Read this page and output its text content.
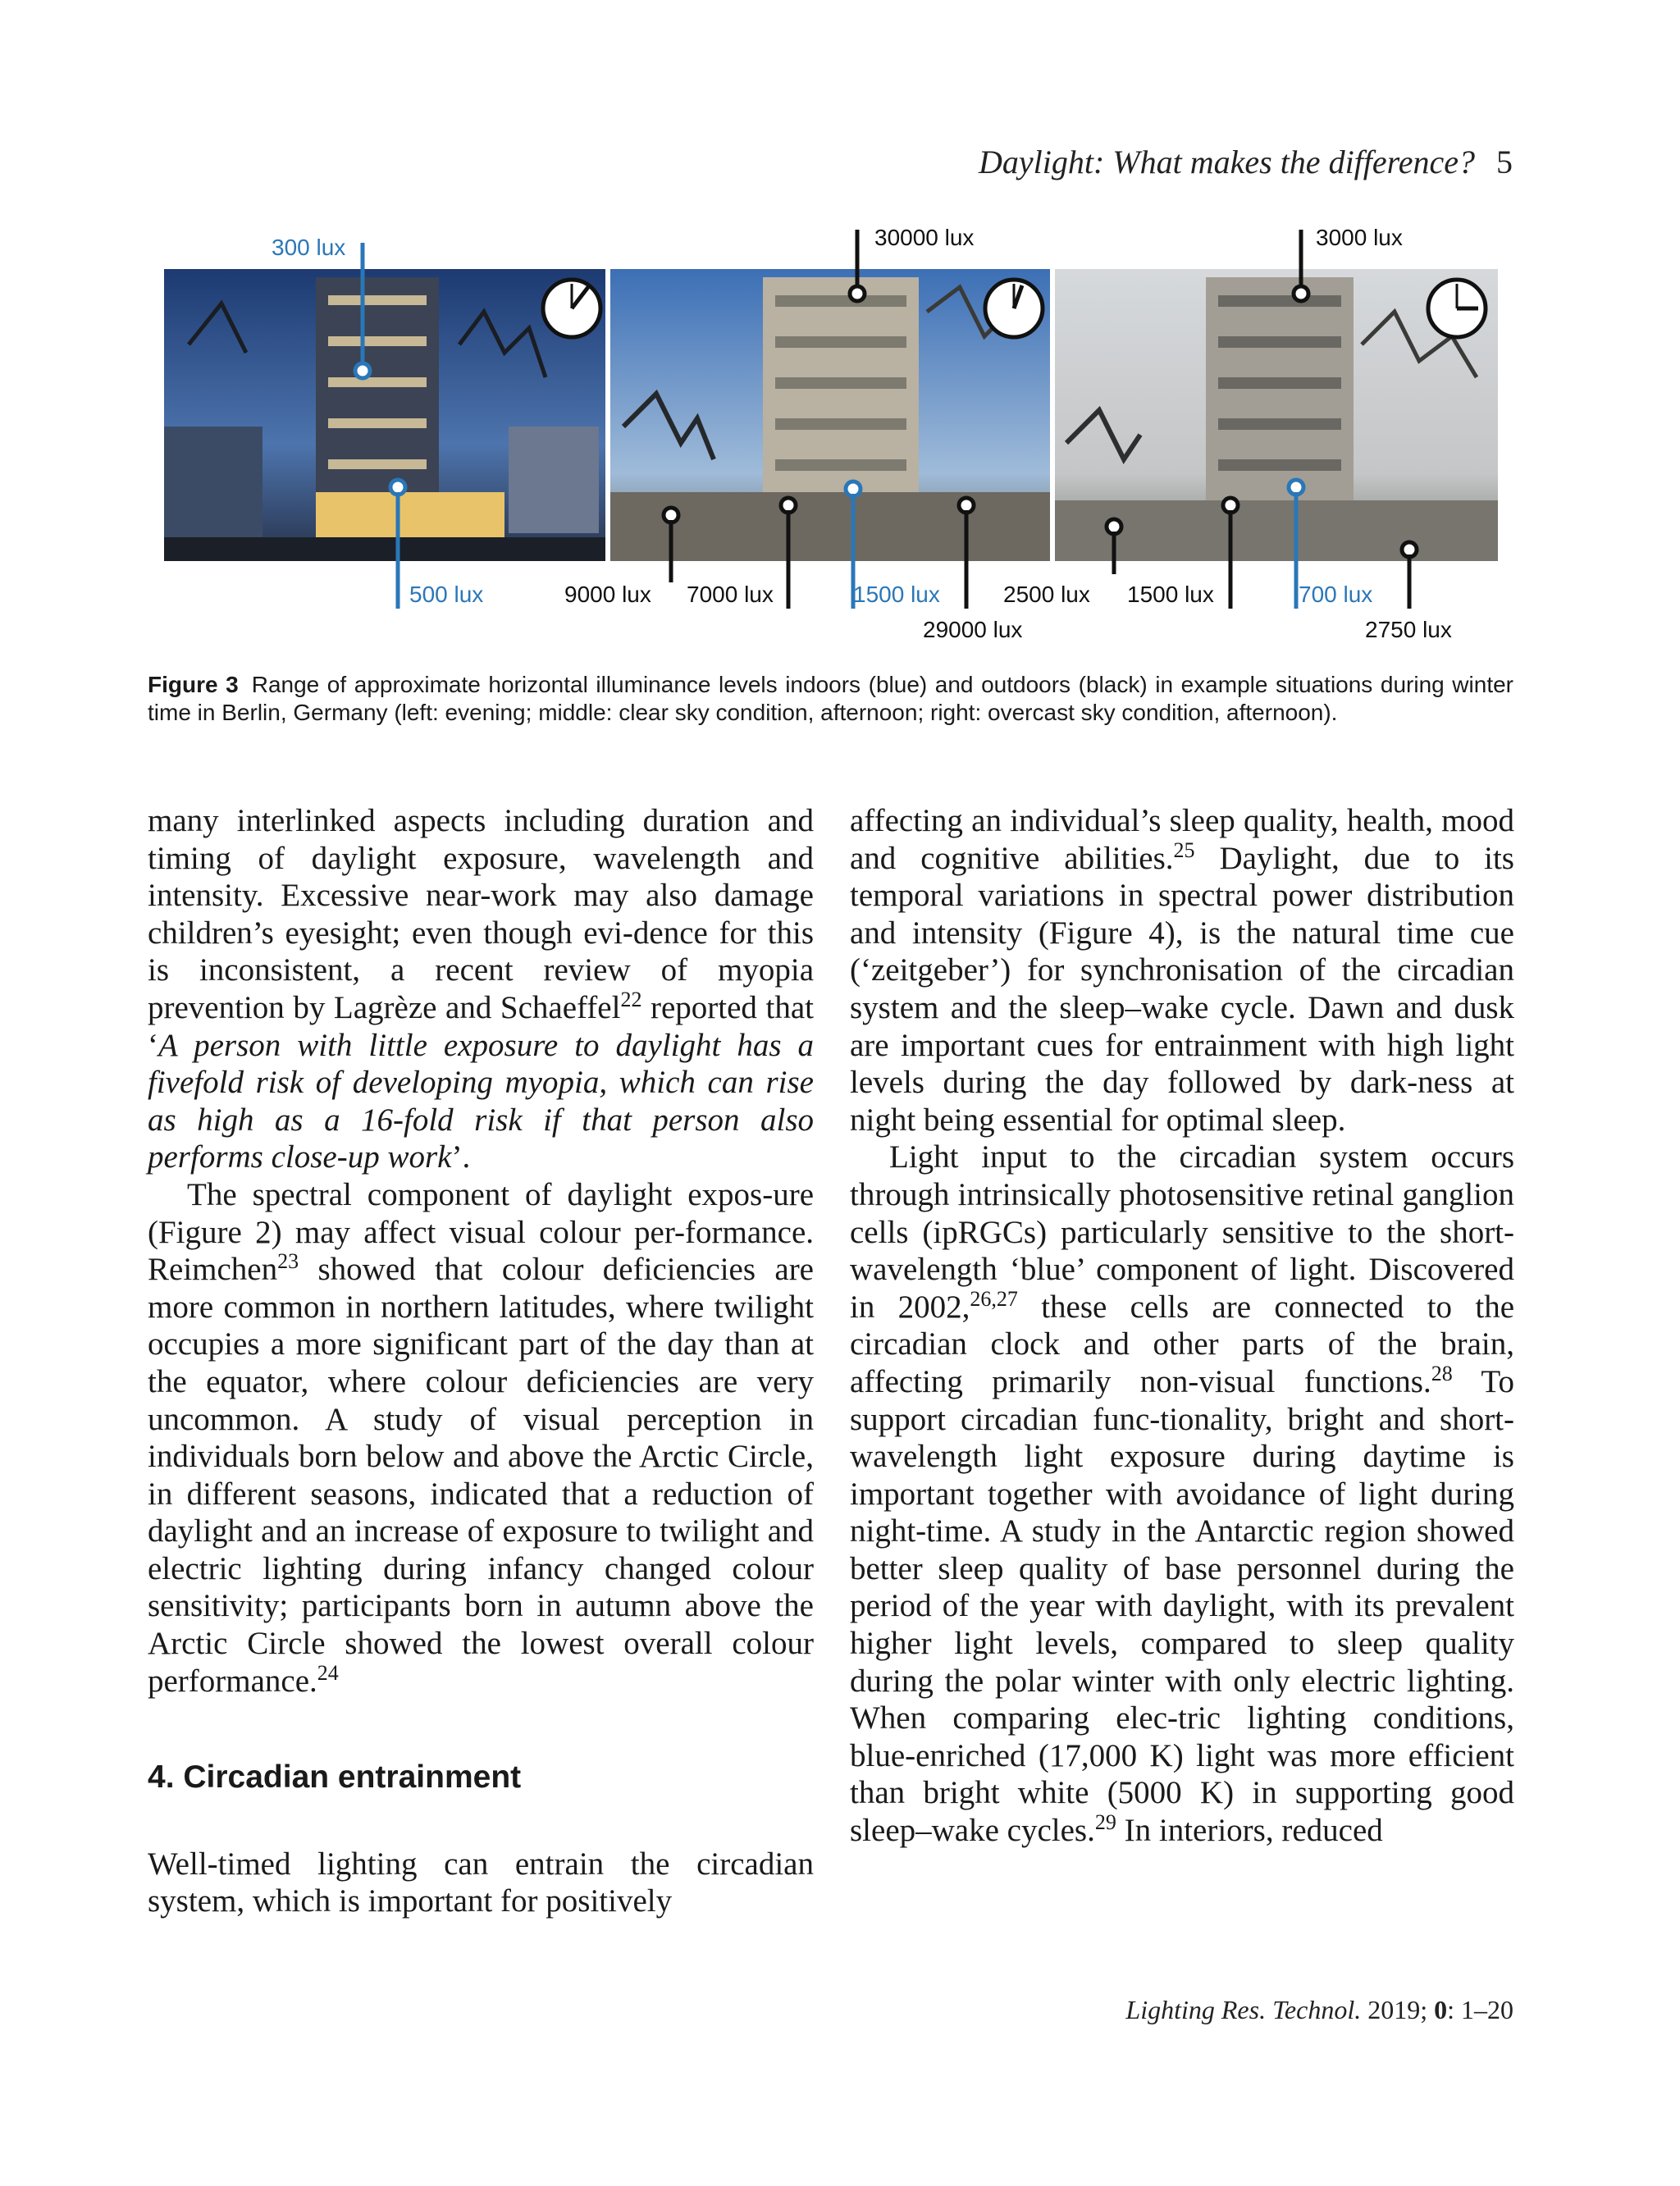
Daylight: What makes the difference? 5
300 lux	30000 lux	3000 lux
500 lux	9000 lux 7000 lux	1500 lux	2500 lux 1500 lux	700 lux
29000 lux	2750 lux
Figure 3 Range of approximate horizontal illuminance levels indoors (blue) and outdoors (black) in example situations during winter time in Berlin, Germany (left: evening; middle: clear sky condition, afternoon; right: overcast sky condition, afternoon).

many interlinked aspects including duration and timing of daylight exposure, wavelength and intensity. Excessive near-work may also damage children’s eyesight; even though evi-dence for this is inconsistent, a recent review of myopia prevention by Lagrèze and Schaeffel$^{22}$ reported that ‘A person with little exposure to daylight has a fivefold risk of developing myopia, which can rise as high as a 16-fold risk if that person also performs close-up work’.

The spectral component of daylight expos-ure (Figure 2) may affect visual colour per-formance. Reimchen$^{23}$ showed that colour deficiencies are more common in northern latitudes, where twilight occupies a more significant part of the day than at the equator, where colour deficiencies are very uncommon. A study of visual perception in individuals born below and above the Arctic Circle, in different seasons, indicated that a reduction of daylight and an increase of exposure to twilight and electric lighting during infancy changed colour sensitivity; participants born in autumn above the Arctic Circle showed the lowest overall colour performance.$^{24}$

4. Circadian entrainment

Well-timed lighting can entrain the circadian system, which is important for positively

affecting an individual’s sleep quality, health, mood and cognitive abilities.$^{25}$ Daylight, due to its temporal variations in spectral power distribution and intensity (Figure 4), is the natural time cue (‘zeitgeber’) for synchronisation of the circadian system and the sleep–wake cycle. Dawn and dusk are important cues for entrainment with high light levels during the day followed by dark-ness at night being essential for optimal sleep.

Light input to the circadian system occurs through intrinsically photosensitive retinal ganglion cells (ipRGCs) particularly sensitive to the short-wavelength ‘blue’ component of light. Discovered in 2002,$^{26,27}$ these cells are connected to the circadian clock and other parts of the brain, affecting primarily non-visual functions.$^{28}$ To support circadian func-tionality, bright and short-wavelength light exposure during daytime is important together with avoidance of light during night-time. A study in the Antarctic region showed better sleep quality of base personnel during the period of the year with daylight, with its prevalent higher light levels, compared to sleep quality during the polar winter with only electric lighting. When comparing elec-tric lighting conditions, blue-enriched (17,000 K) light was more efficient than bright white (5000 K) in supporting good sleep–wake cycles.$^{29}$ In interiors, reduced

Lighting Res. Technol. 2019; 0: 1–20
